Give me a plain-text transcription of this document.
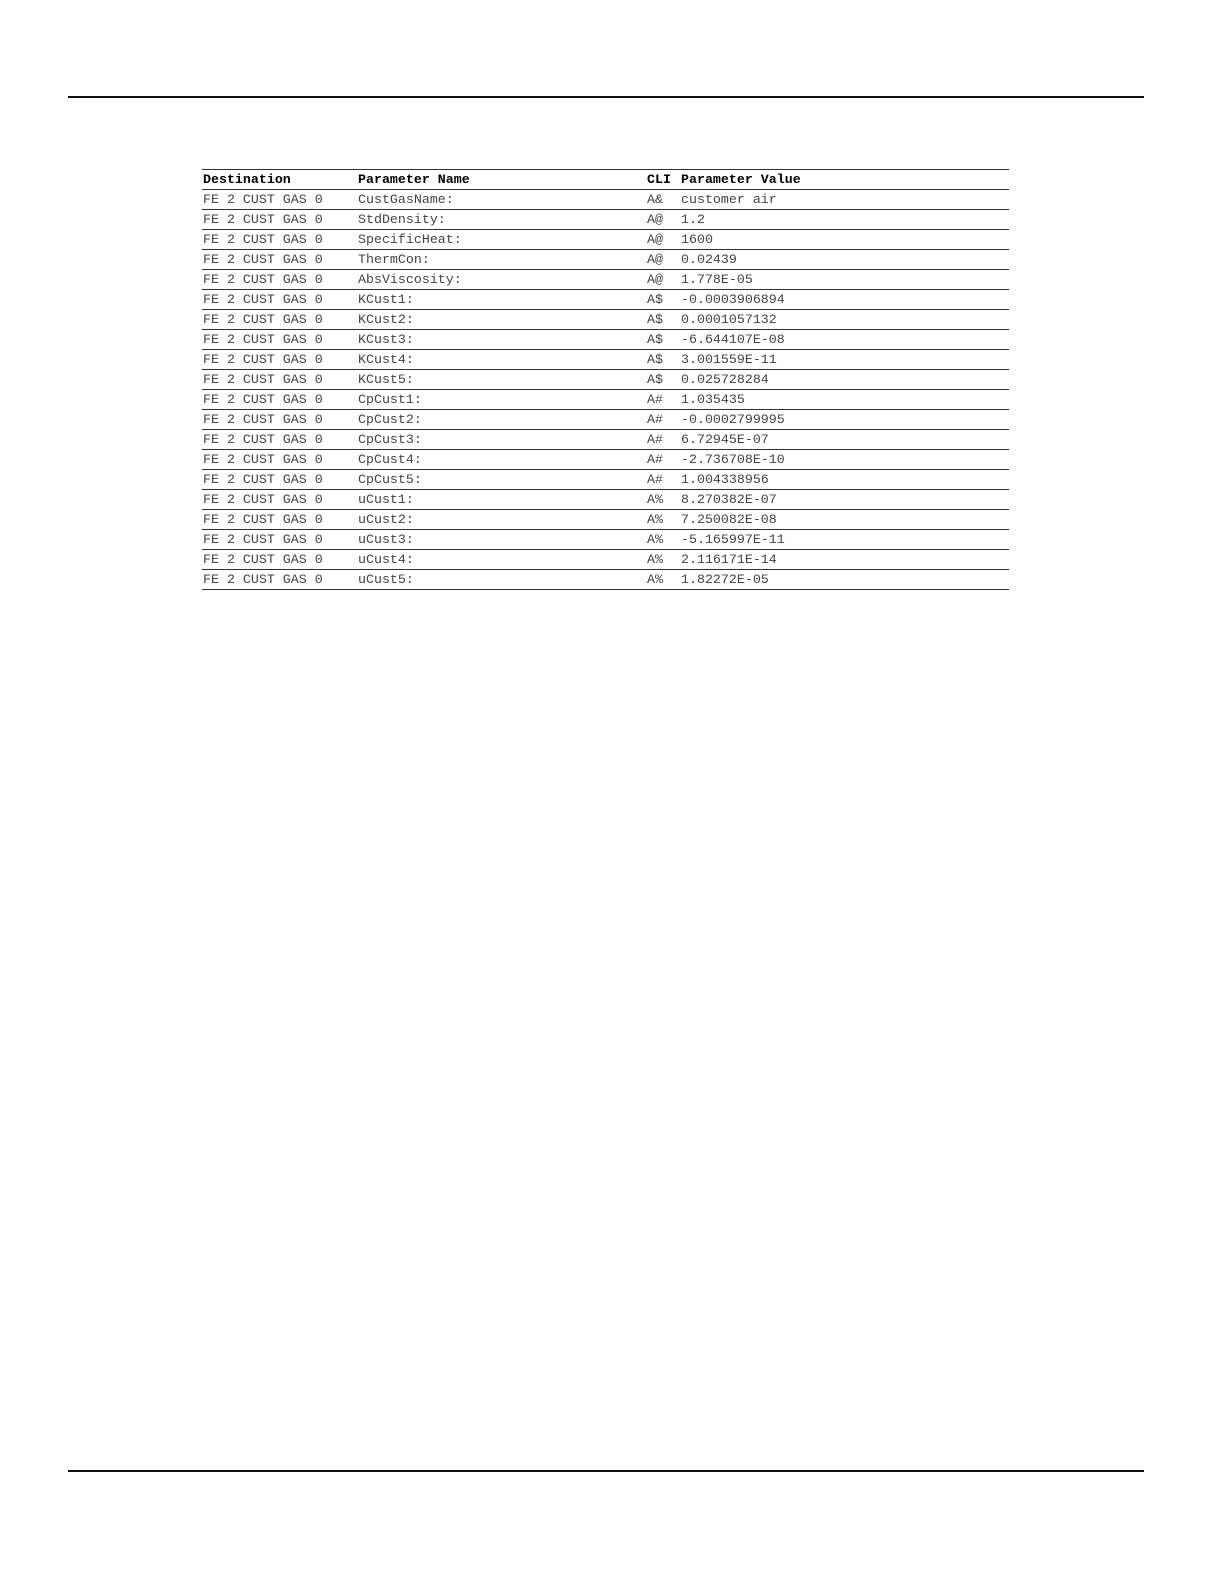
Destination	Parameter Name	CLI	Parameter Value
FE 2 CUST GAS 0	CustGasName:	A&	customer air
FE 2 CUST GAS 0	StdDensity:	A@	1.2
FE 2 CUST GAS 0	SpecificHeat:	A@	1600
FE 2 CUST GAS 0	ThermCon:	A@	0.02439
FE 2 CUST GAS 0	AbsViscosity:	A@	1.778E-05
FE 2 CUST GAS 0	KCust1:	A$	-0.0003906894
FE 2 CUST GAS 0	KCust2:	A$	0.0001057132
FE 2 CUST GAS 0	KCust3:	A$	-6.644107E-08
FE 2 CUST GAS 0	KCust4:	A$	3.001559E-11
FE 2 CUST GAS 0	KCust5:	A$	0.025728284
FE 2 CUST GAS 0	CpCust1:	A#	1.035435
FE 2 CUST GAS 0	CpCust2:	A#	-0.0002799995
FE 2 CUST GAS 0	CpCust3:	A#	6.72945E-07
FE 2 CUST GAS 0	CpCust4:	A#	-2.736708E-10
FE 2 CUST GAS 0	CpCust5:	A#	1.004338956
FE 2 CUST GAS 0	uCust1:	A%	8.270382E-07
FE 2 CUST GAS 0	uCust2:	A%	7.250082E-08
FE 2 CUST GAS 0	uCust3:	A%	-5.165997E-11
FE 2 CUST GAS 0	uCust4:	A%	2.116171E-14
FE 2 CUST GAS 0	uCust5:	A%	1.82272E-05
